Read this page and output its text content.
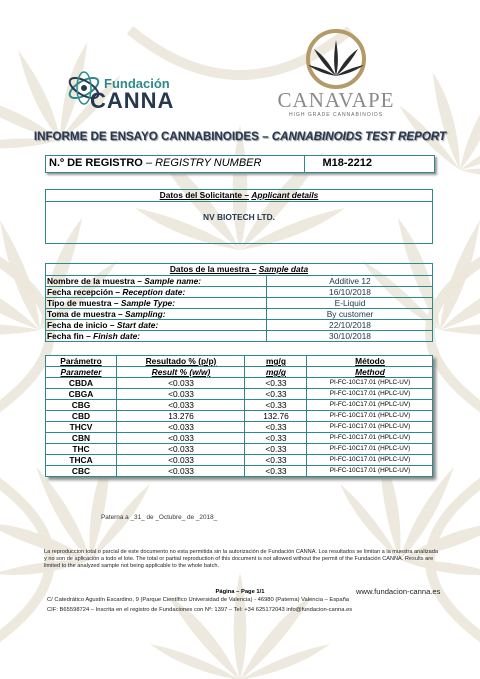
Fundación
CANNA	CANAVAPE
HIGH GRADE CANNABINOIDS
INFORME DE ENSAYO CANNABINOIDES – CANNABINOIDS TEST REPORT
N.º DE REGISTRO – REGISTRY NUMBER	M18-2212
Datos del Solicitante – Applicant details
NV BIOTECH LTD.
Datos de la muestra – Sample data
Nombre de la muestra – Sample name:	Additive 12
Fecha recepción – Reception date:	16/10/2018
Tipo de muestra – Sample Type:	E-Liquid
Toma de muestra – Sampling:	By customer
Fecha de inicio – Start date:	22/10/2018
Fecha fin – Finish date:	30/10/2018
Parámetro	Resultado % (p/p)	mg/g	Método
Parameter	Result % (w/w)	mg/g	Method
CBDA	<0.033	<0.33	PI-FC-10C17.01 (HPLC-UV)
CBGA	<0.033	<0.33	PI-FC-10C17.01 (HPLC-UV)
CBG	<0.033	<0.33	PI-FC-10C17.01 (HPLC-UV)
CBD	13.276	132.76	PI-FC-10C17.01 (HPLC-UV)
THCV	<0.033	<0.33	PI-FC-10C17.01 (HPLC-UV)
CBN	<0.033	<0.33	PI-FC-10C17.01 (HPLC-UV)
THC	<0.033	<0.33	PI-FC-10C17.01 (HPLC-UV)
THCA	<0.033	<0.33	PI-FC-10C17.01 (HPLC-UV)
CBC	<0.033	<0.33	PI-FC-10C17.01 (HPLC-UV)
Paterna a _31_ de _Octubre_ de _2018_
La reproduccion total o parcial de este documento no esta permitida sin la autorización de Fundación CANNA. Los resultados se limitan a la muestra analizada y no son de aplicación a todo el lote. The total or partial reproduction of this document is not allowed without the permit of the Fundación CANNA. Results are limited to the analyzed sample not being applicable to the whole batch.
Página – Page 1/1	www.fundacion-canna.es
C/ Catedrático Agustín Escardino, 9 (Parque Científico Universidad de Valencia) - 46980 (Paterna) Valencia – España
CIF: B65598724 – Inscrita en el registro de Fundaciones con Nº: 1397 – Tel: +34 625172043 info@fundacion-canna.es
